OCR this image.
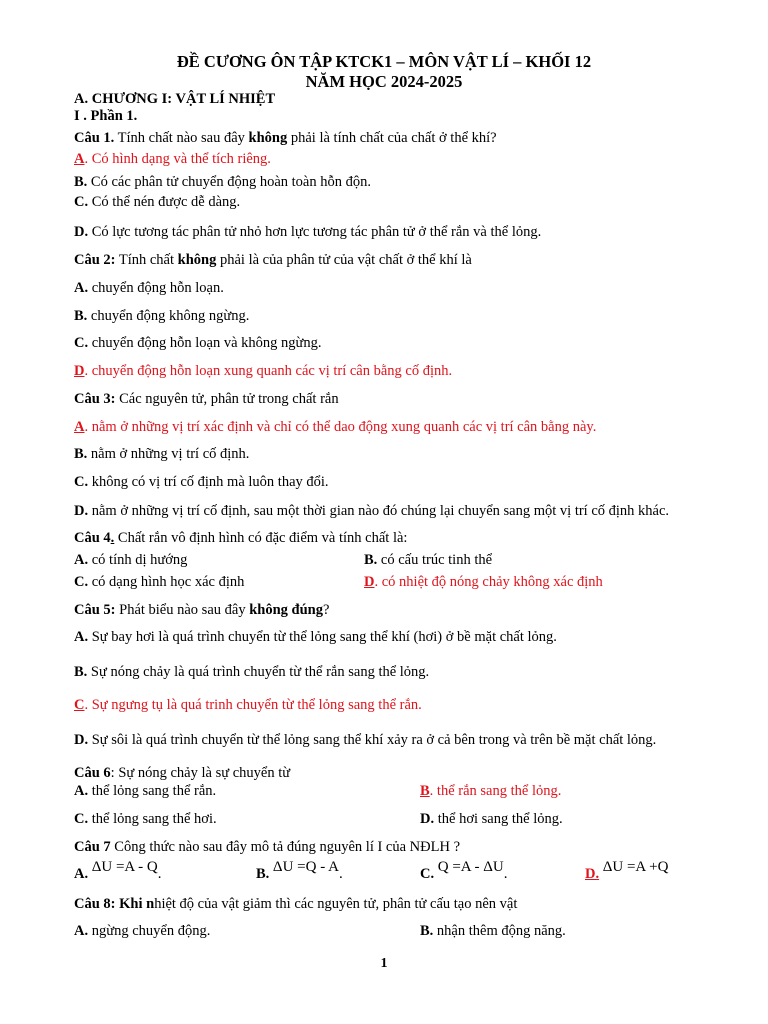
ĐỀ CƯƠNG ÔN TẬP KTCK1 – MÔN VẬT LÍ – KHỐI 12
NĂM HỌC 2024-2025
A. CHƯƠNG I: VẬT LÍ NHIỆT
I . Phần 1.
Câu 1. Tính chất nào sau đây không phải là tính chất của chất ở thể khí?
A. Có hình dạng và thể tích riêng.
B. Có các phân tử chuyển động hoàn toàn hỗn độn.
C. Có thể nén được dễ dàng.
D. Có lực tương tác phân tử nhỏ hơn lực tương tác phân tử ở thể rắn và thể lỏng.
Câu 2: Tính chất không phải là của phân tử của vật chất ở thể khí là
A. chuyển động hỗn loạn.
B. chuyển động không ngừng.
C. chuyển động hỗn loạn và không ngừng.
D. chuyển động hỗn loạn xung quanh các vị trí cân bằng cố định.
Câu 3: Các nguyên tử, phân tử trong chất rắn
A. nằm ở những vị trí xác định và chỉ có thể dao động xung quanh các vị trí cân bằng này.
B. nằm ở những vị trí cố định.
C. không có vị trí cố định mà luôn thay đổi.
D. nằm ở những vị trí cố định, sau một thời gian nào đó chúng lại chuyển sang một vị trí cố định khác.
Câu 4. Chất rắn vô định hình có đặc điểm và tính chất là:
A. có tính dị hướng	B. có cấu trúc tinh thể
C. có dạng hình học xác định	D. có nhiệt độ nóng chảy không xác định
Câu 5: Phát biểu nào sau đây không đúng?
A. Sự bay hơi là quá trình chuyển từ thể lỏng sang thể khí (hơi) ở bề mặt chất lỏng.
B. Sự nóng chảy là quá trình chuyển từ thể rắn sang thể lỏng.
C. Sự ngưng tụ là quá trinh chuyển từ thể lỏng sang thể rắn.
D. Sự sôi là quá trình chuyển từ thể lỏng sang thể khí xảy ra ở cả bên trong và trên bề mặt chất lỏng.
Câu 6: Sự nóng chảy là sự chuyển từ
A. thể lỏng sang thể rắn.	B. thể rắn sang thể lỏng.
C. thể lỏng sang thể hơi.	D. thể hơi sang thể lỏng.
Câu 7 Công thức nào sau đây mô tả đúng nguyên lí I của NĐLH ?
A. ΔU =A - Q.	B. ΔU =Q - A.	C. Q =A - ΔU.	D. ΔU =A +Q
Câu 8: Khi nhiệt độ của vật giảm thì các nguyên tử, phân tử cấu tạo nên vật
A. ngừng chuyển động.	B. nhận thêm động năng.
1
